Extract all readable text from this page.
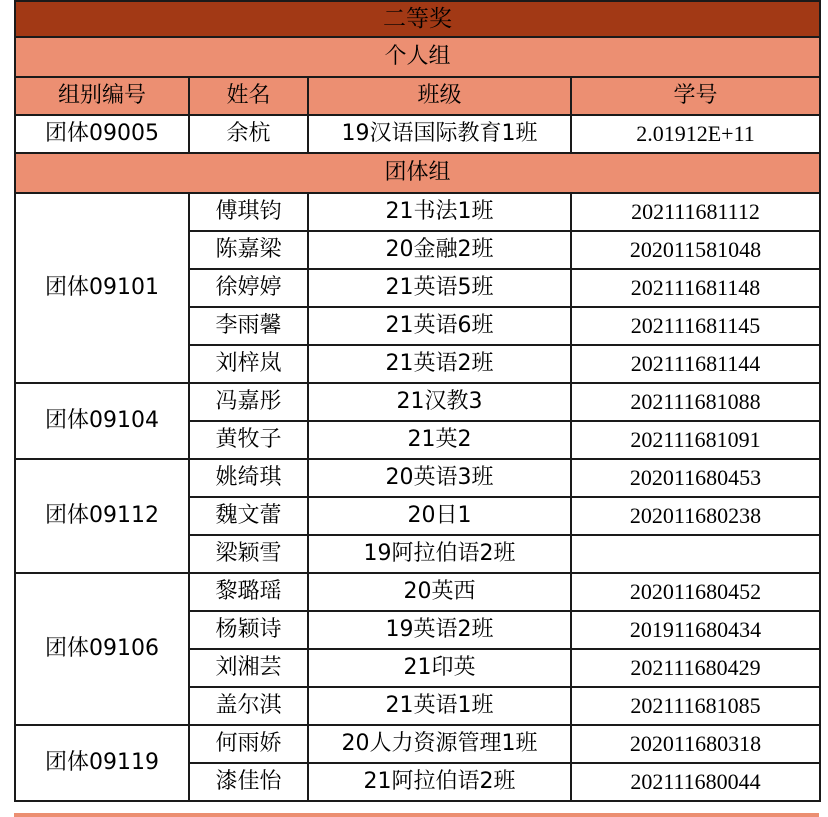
二等奖			
个人组			
组别编号	姓名	班级	学号
团体09005	余杭	19汉语国际教育1班	2.01912E+11
团体组			
团体09101	傅琪钧	21书法1班	202111681112
	陈嘉梁	20金融2班	202011581048
	徐婷婷	21英语5班	202111681148
	李雨馨	21英语6班	202111681145
	刘梓岚	21英语2班	202111681144
团体09104	冯嘉彤	21汉教3	202111681088
	黄牧子	21英2	202111681091
团体09112	姚绮琪	20英语3班	202011680453
	魏文蕾	20日1	202011680238
	梁颖雪	19阿拉伯语2班	
团体09106	黎璐瑶	20英西	202011680452
	杨颖诗	19英语2班	201911680434
	刘湘芸	21印英	202111680429
	盖尔淇	21英语1班	202111681085
团体09119	何雨娇	20人力资源管理1班	202011680318
	漆佳怡	21阿拉伯语2班	202111680044
